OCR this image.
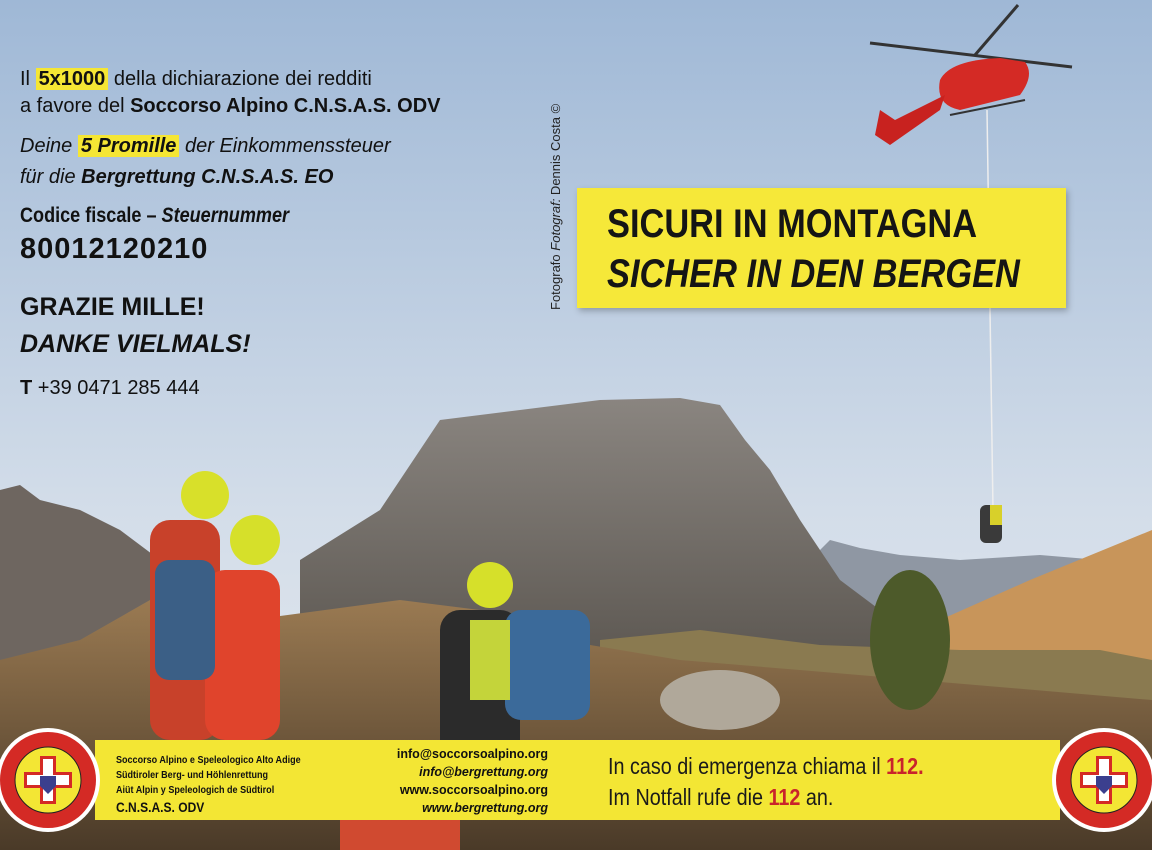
Il 5x1000 della dichiarazione dei redditi
a favore del Soccorso Alpino C.N.S.A.S. ODV
Deine 5 Promille der Einkommenssteuer
für die Bergrettung C.N.S.A.S. EO
Codice fiscale – Steuernummer
80012120210
GRAZIE MILLE!
DANKE VIELMALS!
T +39 0471 285 444
Fotografo Fotograf: Dennis Costa ©
SICURI IN MONTAGNA
SICHER IN DEN BERGEN
Soccorso Alpino e Speleologico Alto Adige
Südtiroler Berg- und Höhlenrettung
Aiüt Alpin y Speleologich de Südtirol
C.N.S.A.S. ODV
info@soccorsoalpino.org
info@bergrettung.org
www.soccorsoalpino.org
www.bergrettung.org
In caso di emergenza chiama il 112.
Im Notfall rufe die 112 an.
